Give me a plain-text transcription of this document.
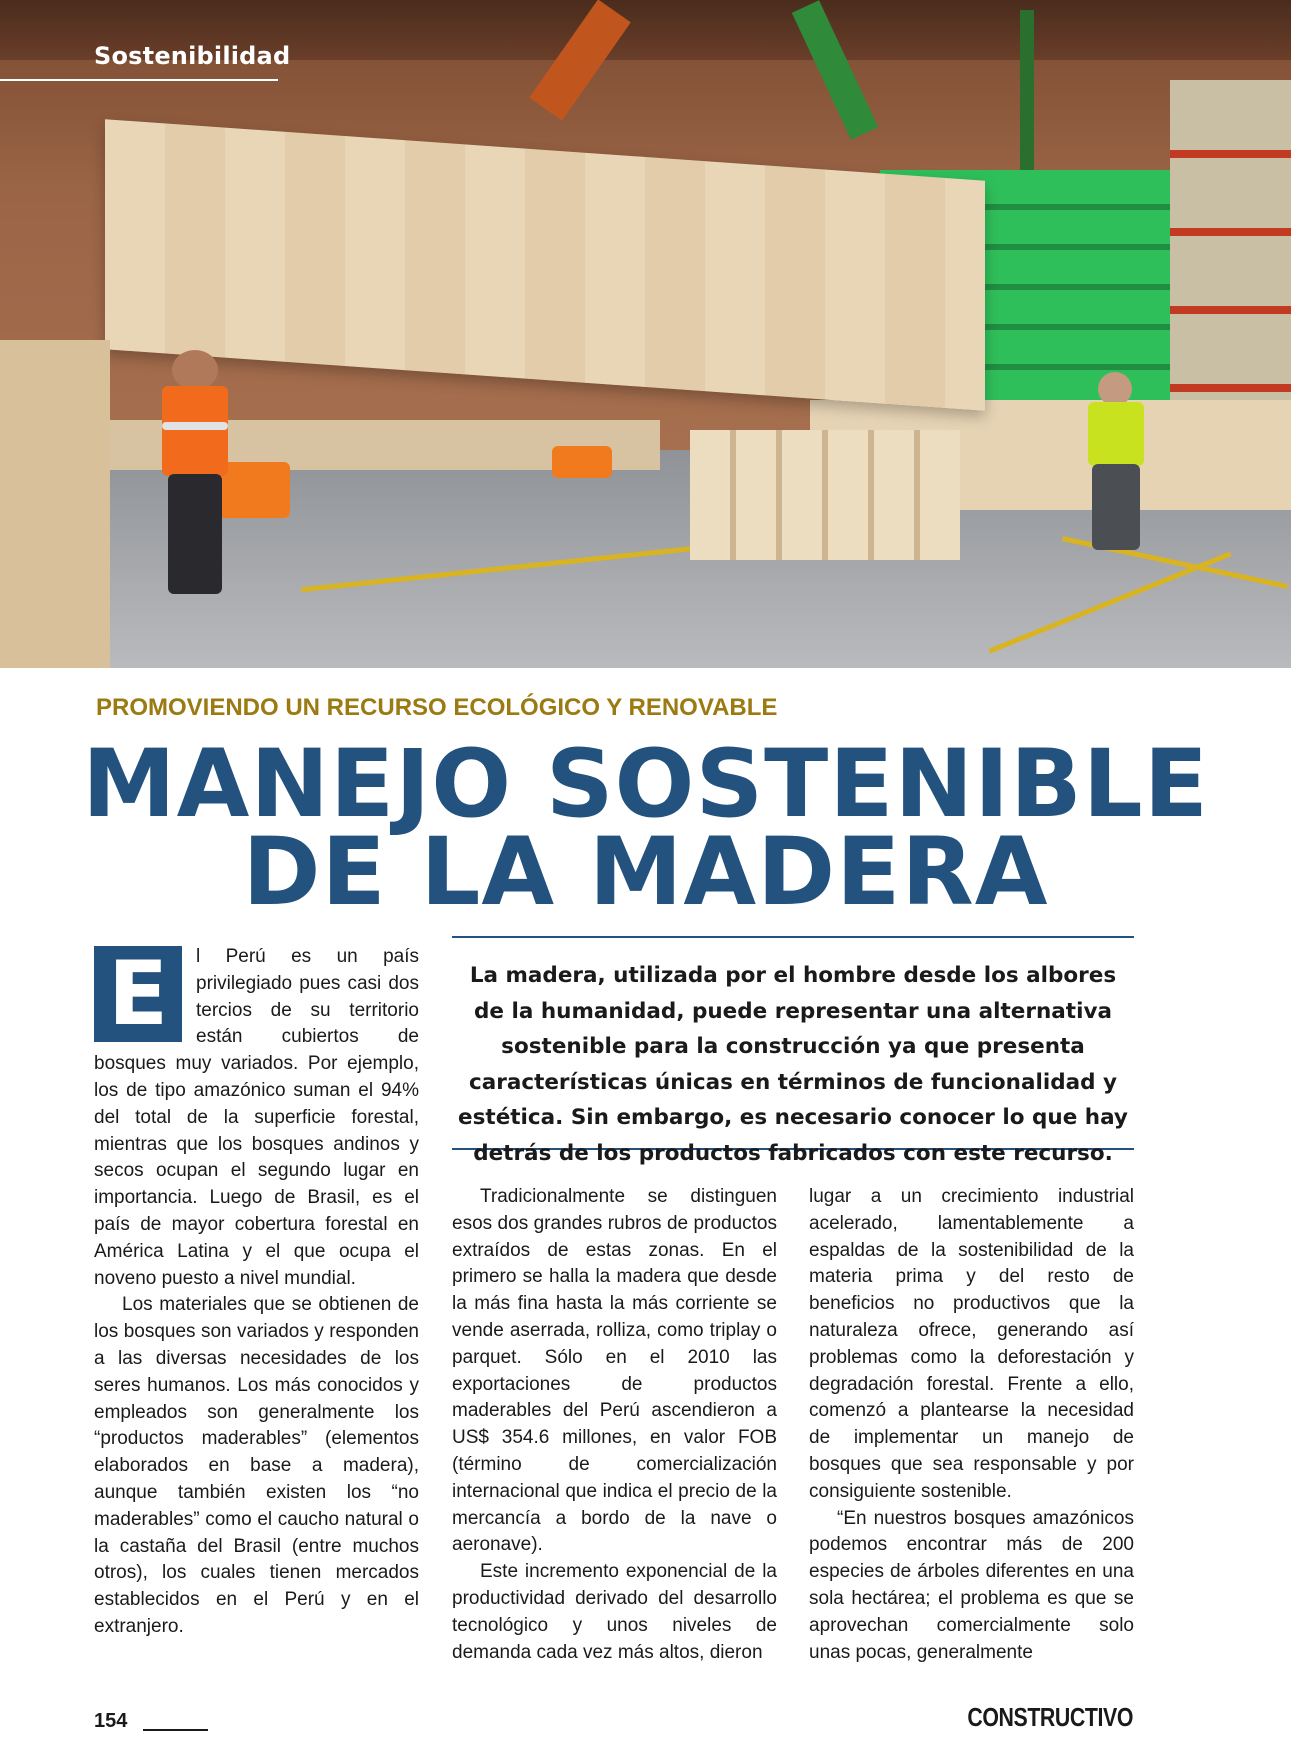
Sostenibilidad
PROMOVIENDO UN RECURSO ECOLÓGICO Y RENOVABLE
MANEJO SOSTENIBLE
DE LA MADERA

La madera, utilizada por el hombre desde los albores de la humanidad, puede representar una alternativa sostenible para la construcción ya que presenta características únicas en términos de funcionalidad y estética. Sin embargo, es necesario conocer lo que hay detrás de los productos fabricados con este recurso.

E	l Perú es un país privilegiado pues casi dos tercios de su territorio están cubiertos de bosques muy variados. Por ejemplo, los de tipo amazónico suman el 94% del total de la superficie forestal, mientras que los bosques andinos y secos ocupan el segundo lugar en importancia. Luego de Brasil, es el país de mayor cobertura forestal en América Latina y el que ocupa el noveno puesto a nivel mundial.

Los materiales que se obtienen de los bosques son variados y responden a las diversas necesidades de los seres humanos. Los más conocidos y empleados son generalmente los “productos maderables” (elementos elaborados en base a madera), aunque también existen los “no maderables” como el caucho natural o la castaña del Brasil (entre muchos otros), los cuales tienen mercados establecidos en el Perú y en el extranjero.

Tradicionalmente se distinguen esos dos grandes rubros de productos extraídos de estas zonas. En el primero se halla la madera que desde la más fina hasta la más corriente se vende aserrada, rolliza, como triplay o parquet. Sólo en el 2010 las exportaciones de productos maderables del Perú ascendieron a US$ 354.6 millones, en valor FOB (término de comercialización internacional que indica el precio de la mercancía a bordo de la nave o aeronave).

Este incremento exponencial de la productividad derivado del desarrollo tecnológico y unos niveles de demanda cada vez más altos, dieron

lugar a un crecimiento industrial acelerado, lamentablemente a espaldas de la sostenibilidad de la materia prima y del resto de beneficios no productivos que la naturaleza ofrece, generando así problemas como la deforestación y degradación forestal. Frente a ello, comenzó a plantearse la necesidad de implementar un manejo de bosques que sea responsable y por consiguiente sostenible.

“En nuestros bosques amazónicos podemos encontrar más de 200 especies de árboles diferentes en una sola hectárea; el problema es que se aprovechan comercialmente solo unas pocas, generalmente

154	CONSTRUCTIVO
